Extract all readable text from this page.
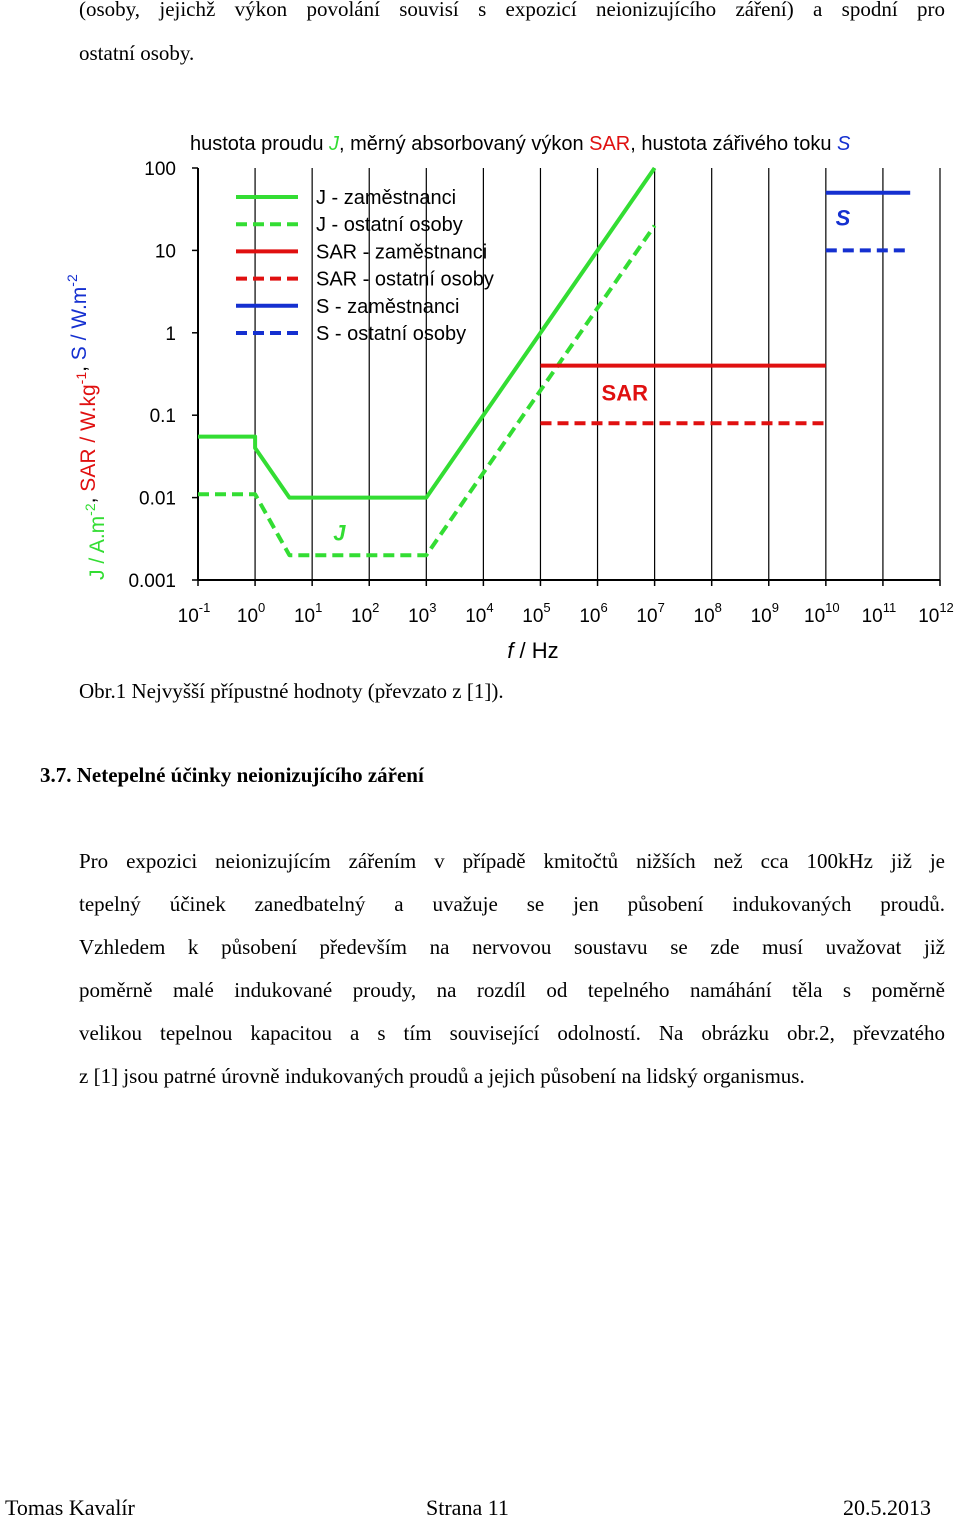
(osoby, jejichž výkon povolání souvisí s expozicí neionizujícího záření) a spodní pro
ostatní osoby.
hustota proudu J, měrný absorbovaný výkon SAR, hustota zářivého toku S
0.001
0.01
0.1
1
10
100
$10^{-1}$ $10^0$ $10^1$ $10^2$ $10^3$ $10^4$ $10^5$ $10^6$ $10^7$ $10^8$ $10^9$ $10^{10}$ $10^{11}$ $10^{12}$
f / Hz
J / $A.m^{-2}$, SAR / $W.kg^{-1}$, S / $W.m^{-2}$
J - zaměstnanci
J - ostatní osoby
SAR - zaměstnanci
SAR - ostatní osoby
S - zaměstnanci
S - ostatní osoby
J
SAR
S
Obr.1 Nejvyšší přípustné hodnoty (převzato z [1]).
3.7. Netepelné účinky neionizujícího záření
Pro expozici neionizujícím zářením v případě kmitočtů nižších než cca 100kHz již je
tepelný účinek zanedbatelný a uvažuje se jen působení indukovaných proudů.
Vzhledem k působení především na nervovou soustavu se zde musí uvažovat již
poměrně malé indukované proudy, na rozdíl od tepelného namáhání těla s poměrně
velikou tepelnou kapacitou a s tím související odolností. Na obrázku obr.2, převzatého
z [1] jsou patrné úrovně indukovaných proudů a jejich působení na lidský organismus.
Tomas Kavalír	Strana 11	20.5.2013
